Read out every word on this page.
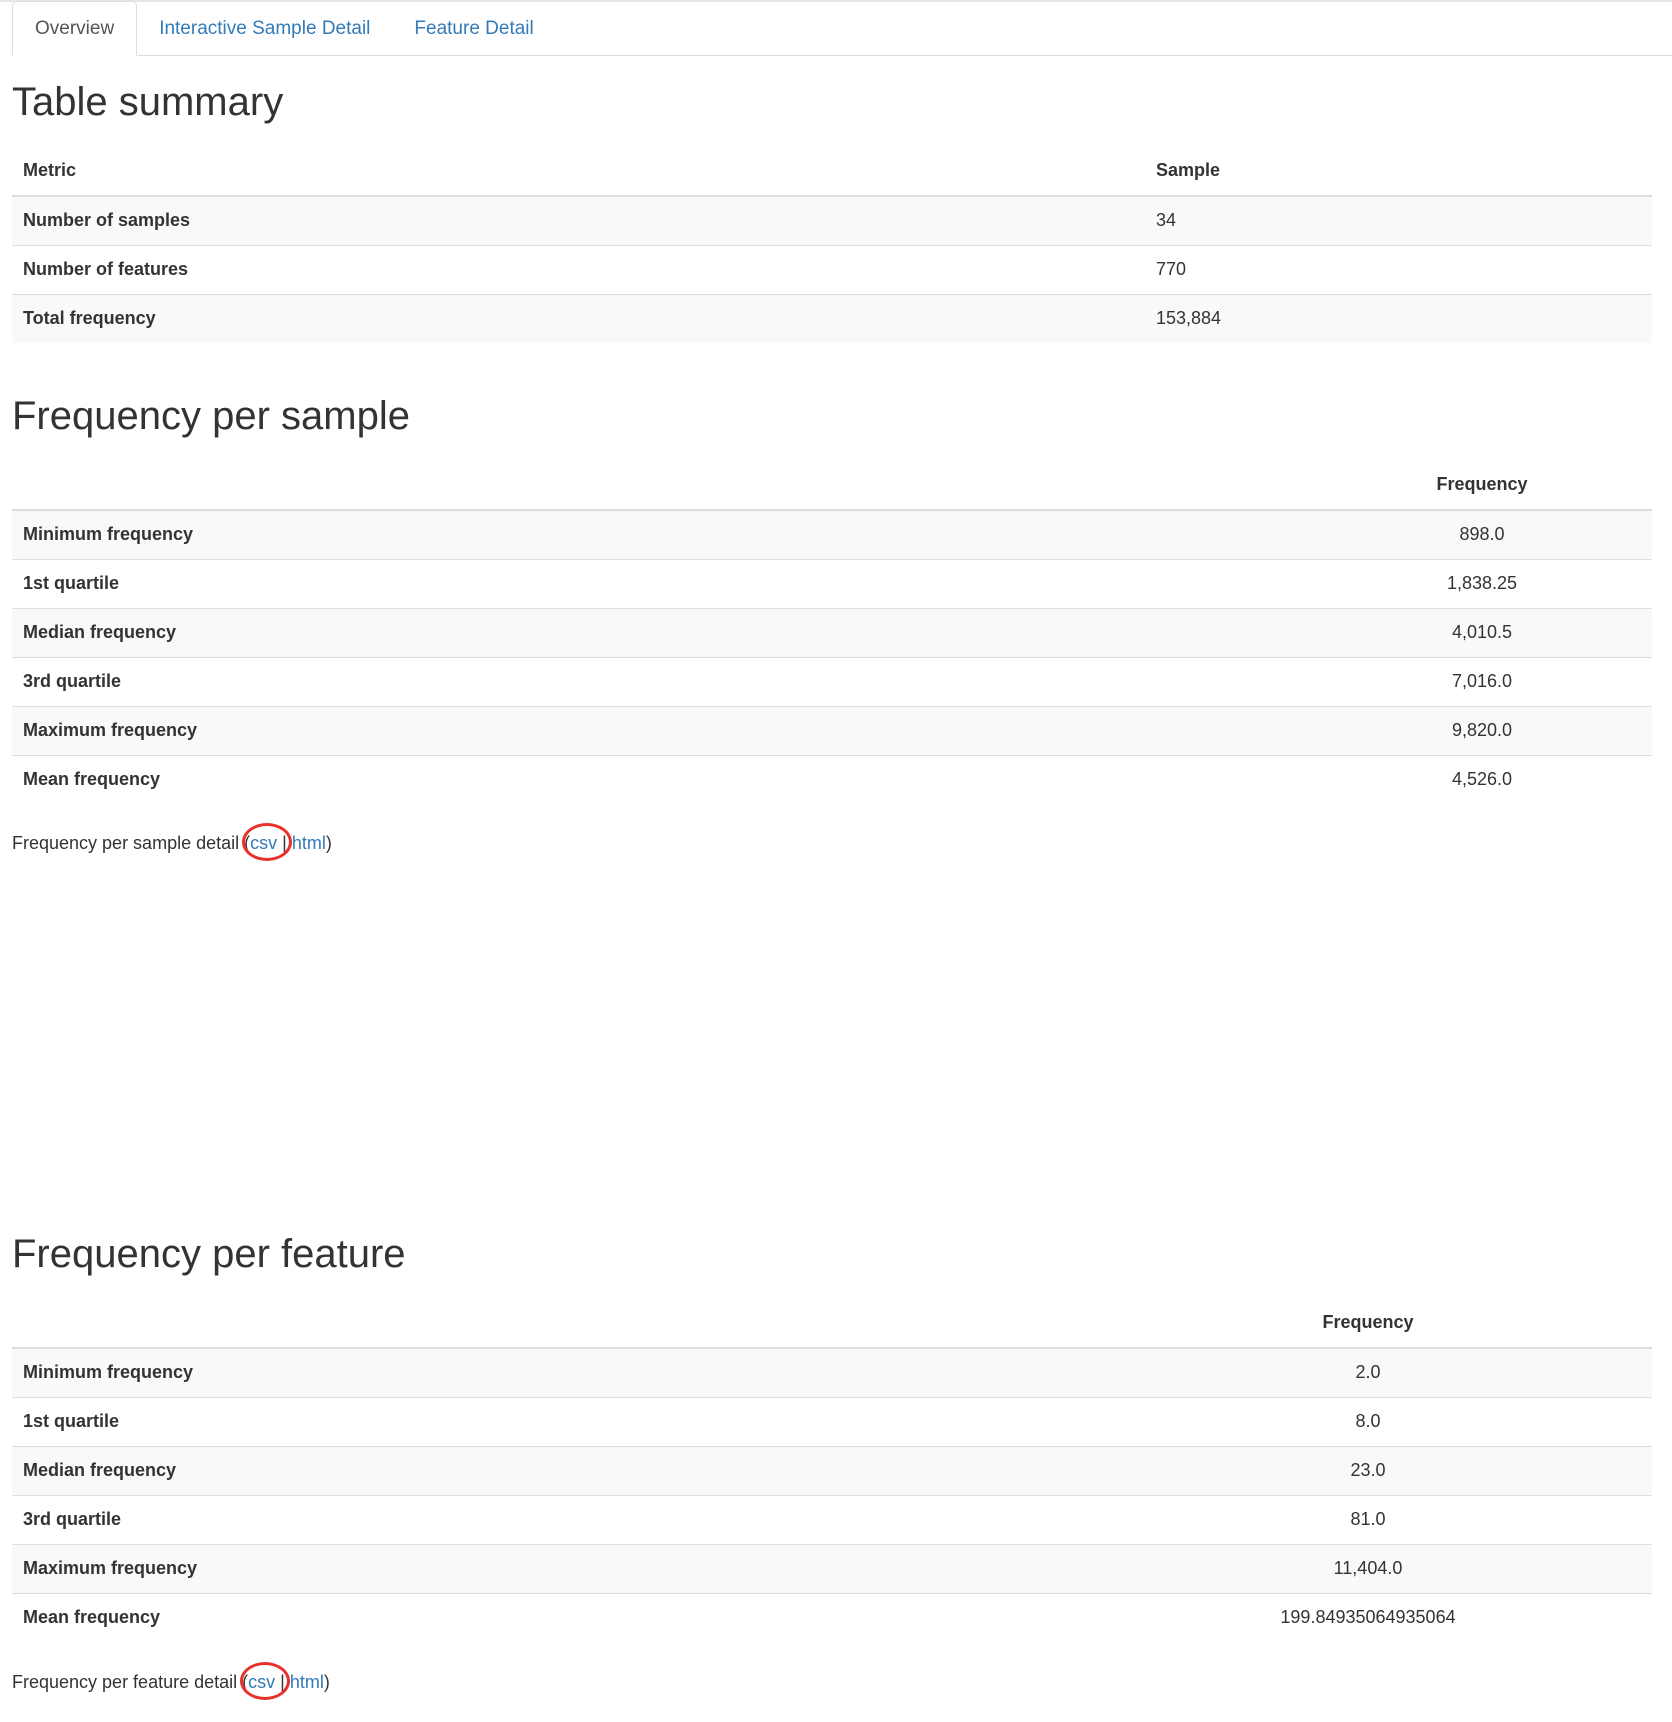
Overview	Interactive Sample Detail	Feature Detail
Table summary
Metric	Sample
Number of samples	34
Number of features	770
Total frequency	153,884
Frequency per sample
	Frequency
Minimum frequency	898.0
1st quartile	1,838.25
Median frequency	4,010.5
3rd quartile	7,016.0
Maximum frequency	9,820.0
Mean frequency	4,526.0
Frequency per sample detail (csv | html)
Frequency per feature
	Frequency
Minimum frequency	2.0
1st quartile	8.0
Median frequency	23.0
3rd quartile	81.0
Maximum frequency	11,404.0
Mean frequency	199.84935064935064
Frequency per feature detail (csv | html)
